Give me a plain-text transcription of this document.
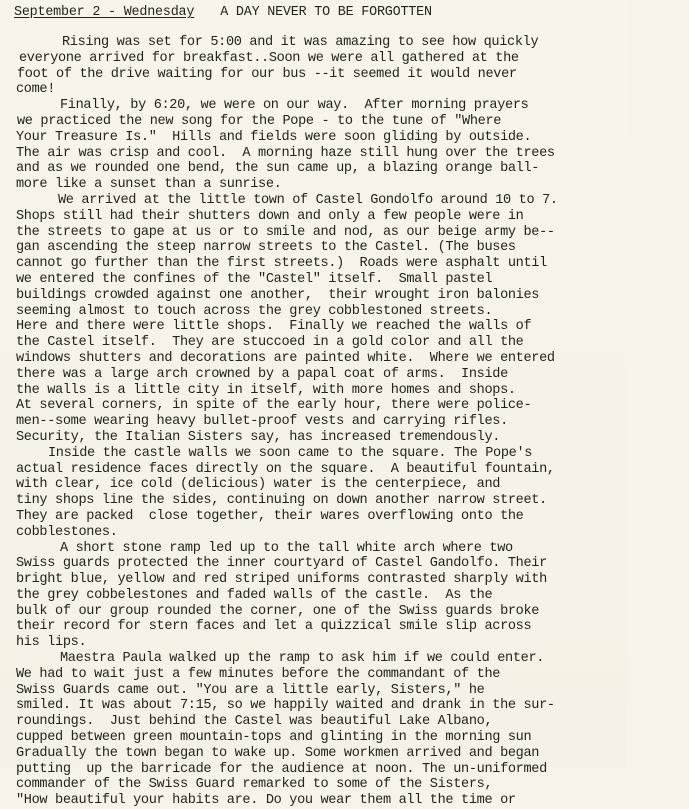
September 2 - Wednesday A DAY NEVER TO BE FORGOTTEN
Rising was set for 5:00 and it was amazing to see how quickly
everyone arrived for breakfast..Soon we were all gathered at the
foot of the drive waiting for our bus --it seemed it would never
come!
Finally, by 6:20, we were on our way.  After morning prayers
we practiced the new song for the Pope - to the tune of "Where
Your Treasure Is."  Hills and fields were soon gliding by outside.
The air was crisp and cool.  A morning haze still hung over the trees
and as we rounded one bend, the sun came up, a blazing orange ball-
more like a sunset than a sunrise.
We arrived at the little town of Castel Gondolfo around 10 to 7.
Shops still had their shutters down and only a few people were in
the streets to gape at us or to smile and nod, as our beige army be--
gan ascending the steep narrow streets to the Castel. (The buses
cannot go further than the first streets.)  Roads were asphalt until
we entered the confines of the "Castel" itself.  Small pastel
buildings crowded against one another,  their wrought iron balonies
seeming almost to touch across the grey cobblestoned streets.
Here and there were little shops.  Finally we reached the walls of
the Castel itself.  They are stuccoed in a gold color and all the
windows shutters and decorations are painted white.  Where we entered
there was a large arch crowned by a papal coat of arms.  Inside
the walls is a little city in itself, with more homes and shops.
At several corners, in spite of the early hour, there were police-
men--some wearing heavy bullet-proof vests and carrying rifles.
Security, the Italian Sisters say, has increased tremendously.
Inside the castle walls we soon came to the square. The Pope's
actual residence faces directly on the square.  A beautiful fountain,
with clear, ice cold (delicious) water is the centerpiece, and
tiny shops line the sides, continuing on down another narrow street.
They are packed  close together, their wares overflowing onto the
cobblestones.
A short stone ramp led up to the tall white arch where two
Swiss guards protected the inner courtyard of Castel Gandolfo. Their
bright blue, yellow and red striped uniforms contrasted sharply with
the grey cobbelestones and faded walls of the castle.  As the
bulk of our group rounded the corner, one of the Swiss guards broke
their record for stern faces and let a quizzical smile slip across
his lips.
Maestra Paula walked up the ramp to ask him if we could enter.
We had to wait just a few minutes before the commandant of the
Swiss Guards came out. "You are a little early, Sisters," he
smiled. It was about 7:15, so we happily waited and drank in the sur-
roundings.  Just behind the Castel was beautiful Lake Albano,
cupped between green mountain-tops and glinting in the morning sun
Gradually the town began to wake up. Some workmen arrived and began
putting  up the barricade for the audience at noon. The un-uniformed
commander of the Swiss Guard remarked to some of the Sisters,
"How beautiful your habits are. Do you wear them all the time or
